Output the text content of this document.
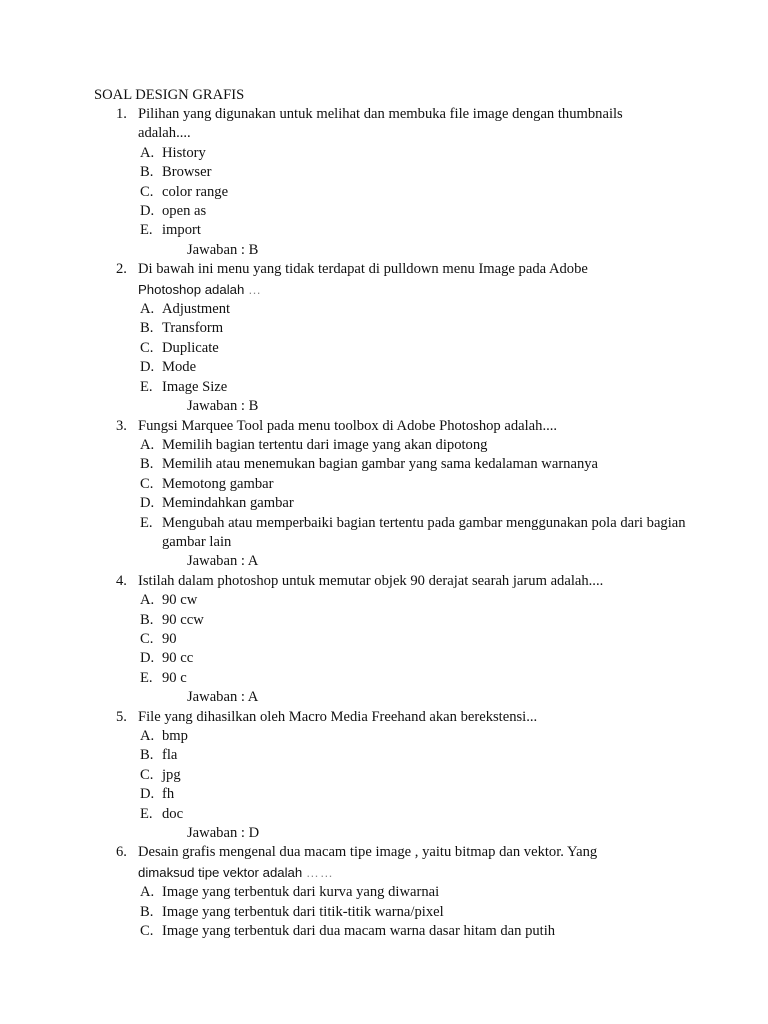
SOAL DESIGN GRAFIS
1. Pilihan yang digunakan untuk melihat dan membuka file image dengan thumbnails
adalah....
A. History
B. Browser
C. color range
D. open as
E. import
Jawaban : B
2. Di bawah ini menu yang tidak terdapat di pulldown menu Image pada Adobe
Photoshop adalah …
A. Adjustment
B. Transform
C. Duplicate
D. Mode
E. Image Size
Jawaban : B
3. Fungsi Marquee Tool pada menu toolbox di Adobe Photoshop adalah....
A. Memilih bagian tertentu dari image yang akan dipotong
B. Memilih atau menemukan bagian gambar yang sama kedalaman warnanya
C. Memotong gambar
D. Memindahkan gambar
E. Mengubah atau memperbaiki bagian tertentu pada gambar menggunakan pola dari bagian gambar lain
Jawaban : A
4. Istilah dalam photoshop untuk memutar objek 90 derajat searah jarum adalah....
A. 90 cw
B. 90 ccw
C. 90
D. 90 cc
E. 90 c
Jawaban : A
5. File yang dihasilkan oleh Macro Media Freehand akan berekstensi...
A. bmp
B. fla
C. jpg
D. fh
E. doc
Jawaban : D
6. Desain grafis mengenal dua macam tipe image , yaitu bitmap dan vektor. Yang
dimaksud tipe vektor adalah ……
A. Image yang terbentuk dari kurva yang diwarnai
B. Image yang terbentuk dari titik-titik warna/pixel
C. Image yang terbentuk dari dua macam warna dasar hitam dan putih
